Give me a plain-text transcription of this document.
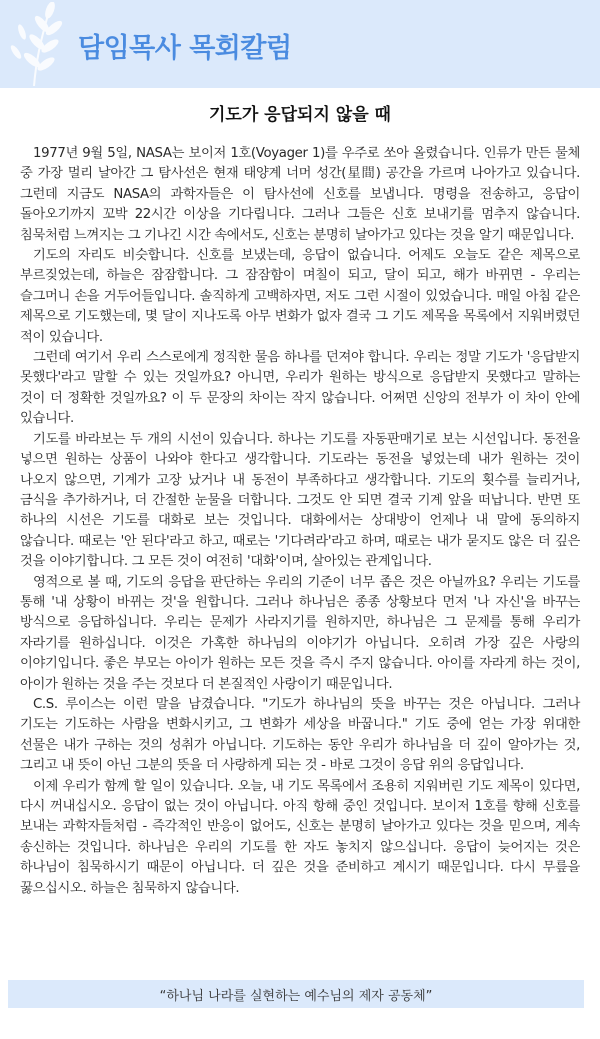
담임목사 목회칼럼
기도가 응답되지 않을 때

1977년 9월 5일, NASA는 보이저 1호(Voyager 1)를 우주로 쏘아 올렸습니다. 인류가 만든 물체 중 가장 멀리 날아간 그 탐사선은 현재 태양계 너머 성간(星間) 공간을 가르며 나아가고 있습니다. 그런데 지금도 NASA의 과학자들은 이 탐사선에 신호를 보냅니다. 명령을 전송하고, 응답이 돌아오기까지 꼬박 22시간 이상을 기다립니다. 그러나 그들은 신호 보내기를 멈추지 않습니다. 침묵처럼 느껴지는 그 기나긴 시간 속에서도, 신호는 분명히 날아가고 있다는 것을 알기 때문입니다.

기도의 자리도 비슷합니다. 신호를 보냈는데, 응답이 없습니다. 어제도 오늘도 같은 제목으로 부르짖었는데, 하늘은 잠잠합니다. 그 잠잠함이 며칠이 되고, 달이 되고, 해가 바뀌면 - 우리는 슬그머니 손을 거두어들입니다. 솔직하게 고백하자면, 저도 그런 시절이 있었습니다. 매일 아침 같은 제목으로 기도했는데, 몇 달이 지나도록 아무 변화가 없자 결국 그 기도 제목을 목록에서 지워버렸던 적이 있습니다.

그런데 여기서 우리 스스로에게 정직한 물음 하나를 던져야 합니다. 우리는 정말 기도가 '응답받지 못했다'라고 말할 수 있는 것일까요? 아니면, 우리가 원하는 방식으로 응답받지 못했다고 말하는 것이 더 정확한 것일까요? 이 두 문장의 차이는 작지 않습니다. 어쩌면 신앙의 전부가 이 차이 안에 있습니다.

기도를 바라보는 두 개의 시선이 있습니다. 하나는 기도를 자동판매기로 보는 시선입니다. 동전을 넣으면 원하는 상품이 나와야 한다고 생각합니다. 기도라는 동전을 넣었는데 내가 원하는 것이 나오지 않으면, 기계가 고장 났거나 내 동전이 부족하다고 생각합니다. 기도의 횟수를 늘리거나, 금식을 추가하거나, 더 간절한 눈물을 더합니다. 그것도 안 되면 결국 기계 앞을 떠납니다. 반면 또 하나의 시선은 기도를 대화로 보는 것입니다. 대화에서는 상대방이 언제나 내 말에 동의하지 않습니다. 때로는 '안 된다'라고 하고, 때로는 '기다려라'라고 하며, 때로는 내가 묻지도 않은 더 깊은 것을 이야기합니다. 그 모든 것이 여전히 '대화'이며, 살아있는 관계입니다.

영적으로 볼 때, 기도의 응답을 판단하는 우리의 기준이 너무 좁은 것은 아닐까요? 우리는 기도를 통해 '내 상황이 바뀌는 것'을 원합니다. 그러나 하나님은 종종 상황보다 먼저 '나 자신'을 바꾸는 방식으로 응답하십니다. 우리는 문제가 사라지기를 원하지만, 하나님은 그 문제를 통해 우리가 자라기를 원하십니다. 이것은 가혹한 하나님의 이야기가 아닙니다. 오히려 가장 깊은 사랑의 이야기입니다. 좋은 부모는 아이가 원하는 모든 것을 즉시 주지 않습니다. 아이를 자라게 하는 것이, 아이가 원하는 것을 주는 것보다 더 본질적인 사랑이기 때문입니다.

C.S. 루이스는 이런 말을 남겼습니다. "기도가 하나님의 뜻을 바꾸는 것은 아닙니다. 그러나 기도는 기도하는 사람을 변화시키고, 그 변화가 세상을 바꿉니다." 기도 중에 얻는 가장 위대한 선물은 내가 구하는 것의 성취가 아닙니다. 기도하는 동안 우리가 하나님을 더 깊이 알아가는 것, 그리고 내 뜻이 아닌 그분의 뜻을 더 사랑하게 되는 것 - 바로 그것이 응답 위의 응답입니다.

이제 우리가 함께 할 일이 있습니다. 오늘, 내 기도 목록에서 조용히 지워버린 기도 제목이 있다면, 다시 꺼내십시오. 응답이 없는 것이 아닙니다. 아직 항해 중인 것입니다. 보이저 1호를 향해 신호를 보내는 과학자들처럼 - 즉각적인 반응이 없어도, 신호는 분명히 날아가고 있다는 것을 믿으며, 계속 송신하는 것입니다. 하나님은 우리의 기도를 한 자도 놓치지 않으십니다. 응답이 늦어지는 것은 하나님이 침묵하시기 때문이 아닙니다. 더 깊은 것을 준비하고 계시기 때문입니다. 다시 무릎을 꿇으십시오. 하늘은 침묵하지 않습니다.

“하나님 나라를 실현하는 예수님의 제자 공동체”
